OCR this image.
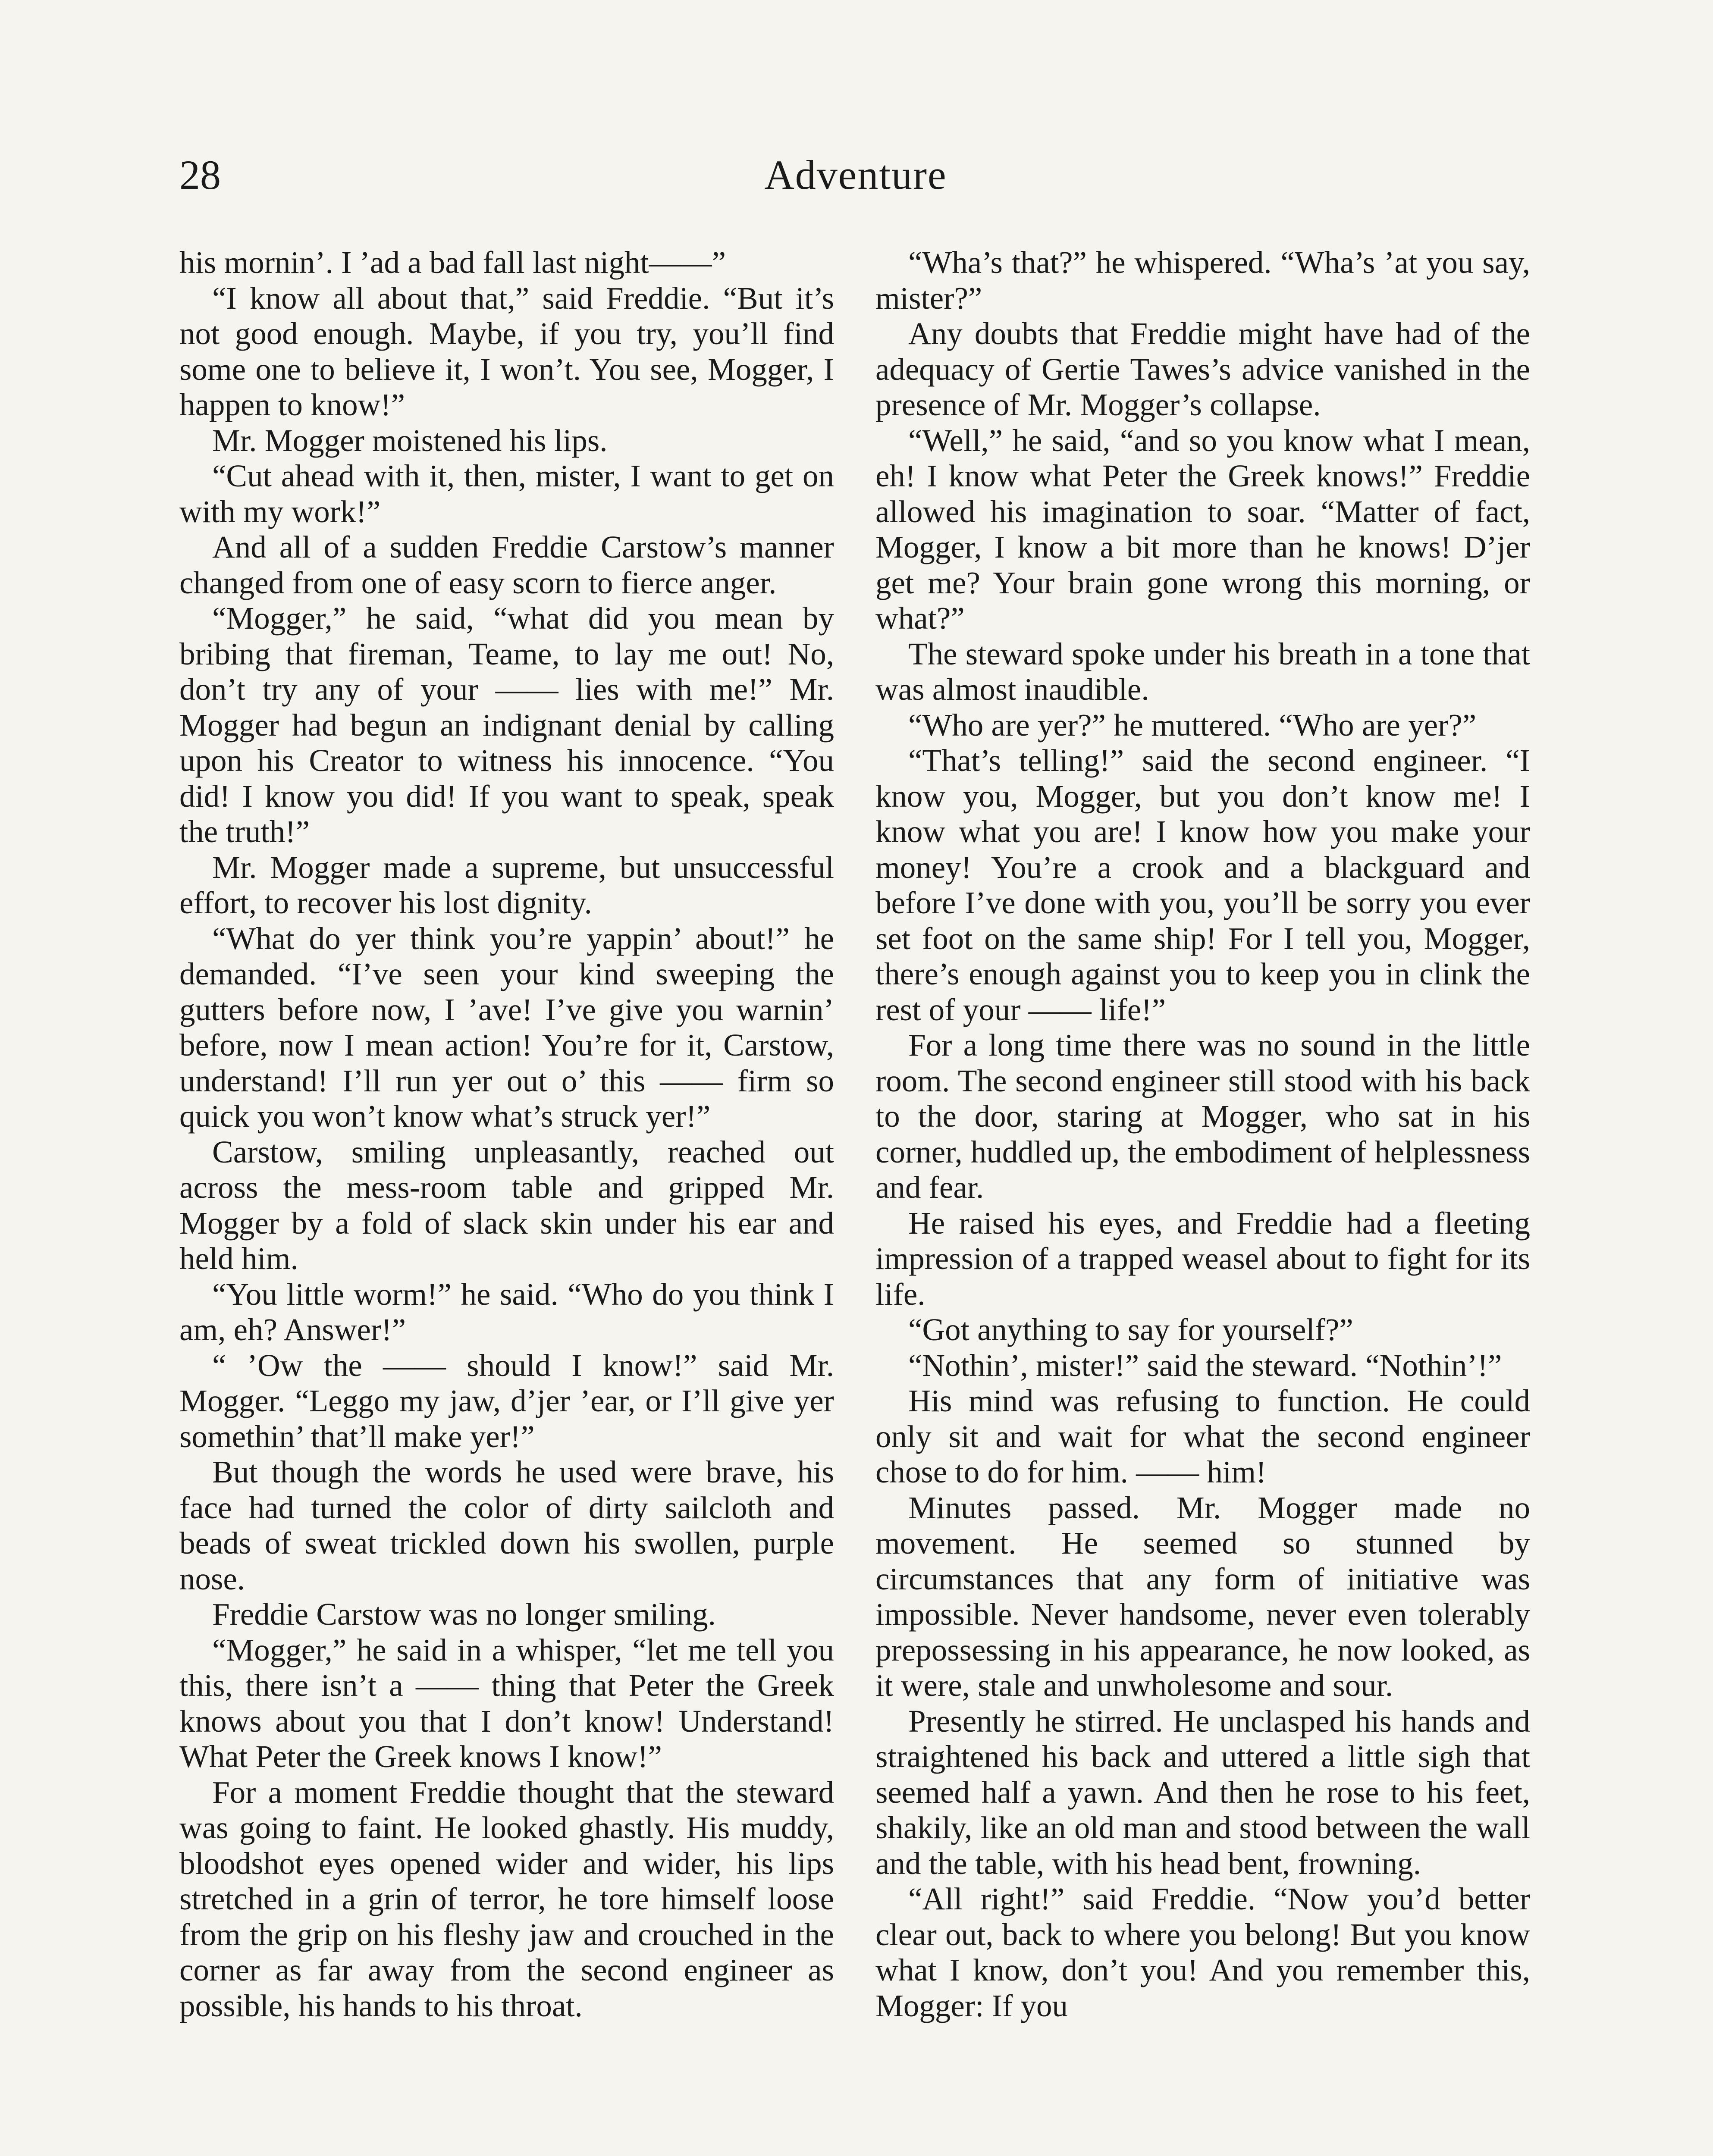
28	Adventure

his mornin’. I ’ad a bad fall last night——”

“I know all about that,” said Freddie. “But it’s not good enough. Maybe, if you try, you’ll find some one to believe it, I won’t. You see, Mogger, I happen to know!”

Mr. Mogger moistened his lips.

“Cut ahead with it, then, mister, I want to get on with my work!”

And all of a sudden Freddie Carstow’s manner changed from one of easy scorn to fierce anger.

“Mogger,” he said, “what did you mean by bribing that fireman, Teame, to lay me out! No, don’t try any of your —— lies with me!” Mr. Mogger had begun an indignant denial by calling upon his Creator to witness his innocence. “You did! I know you did! If you want to speak, speak the truth!”

Mr. Mogger made a supreme, but unsuccessful effort, to recover his lost dignity.

“What do yer think you’re yappin’ about!” he demanded. “I’ve seen your kind sweeping the gutters before now, I ’ave! I’ve give you warnin’ before, now I mean action! You’re for it, Carstow, understand! I’ll run yer out o’ this —— firm so quick you won’t know what’s struck yer!”

Carstow, smiling unpleasantly, reached out across the mess-room table and gripped Mr. Mogger by a fold of slack skin under his ear and held him.

“You little worm!” he said. “Who do you think I am, eh? Answer!”

“ ’Ow the —— should I know!” said Mr. Mogger. “Leggo my jaw, d’jer ’ear, or I’ll give yer somethin’ that’ll make yer!”

But though the words he used were brave, his face had turned the color of dirty sailcloth and beads of sweat trickled down his swollen, purple nose.

Freddie Carstow was no longer smiling.

“Mogger,” he said in a whisper, “let me tell you this, there isn’t a —— thing that Peter the Greek knows about you that I don’t know! Understand! What Peter the Greek knows I know!”

For a moment Freddie thought that the steward was going to faint. He looked ghastly. His muddy, bloodshot eyes opened wider and wider, his lips stretched in a grin of terror, he tore himself loose from the grip on his fleshy jaw and crouched in the corner as far away from the second engineer as possible, his hands to his throat.

“Wha’s that?” he whispered. “Wha’s ’at you say, mister?”

Any doubts that Freddie might have had of the adequacy of Gertie Tawes’s advice vanished in the presence of Mr. Mogger’s collapse.

“Well,” he said, “and so you know what I mean, eh! I know what Peter the Greek knows!” Freddie allowed his imagination to soar. “Matter of fact, Mogger, I know a bit more than he knows! D’jer get me? Your brain gone wrong this morning, or what?”

The steward spoke under his breath in a tone that was almost inaudible.

“Who are yer?” he muttered. “Who are yer?”

“That’s telling!” said the second engineer. “I know you, Mogger, but you don’t know me! I know what you are! I know how you make your money! You’re a crook and a blackguard and before I’ve done with you, you’ll be sorry you ever set foot on the same ship! For I tell you, Mogger, there’s enough against you to keep you in clink the rest of your —— life!”

For a long time there was no sound in the little room. The second engineer still stood with his back to the door, staring at Mogger, who sat in his corner, huddled up, the embodiment of helplessness and fear.

He raised his eyes, and Freddie had a fleeting impression of a trapped weasel about to fight for its life.

“Got anything to say for yourself?”

“Nothin’, mister!” said the steward. “Nothin’!”

His mind was refusing to function. He could only sit and wait for what the second engineer chose to do for him. —— him!

Minutes passed. Mr. Mogger made no movement. He seemed so stunned by circumstances that any form of initiative was impossible. Never handsome, never even tolerably prepossessing in his appearance, he now looked, as it were, stale and unwholesome and sour.

Presently he stirred. He unclasped his hands and straightened his back and uttered a little sigh that seemed half a yawn. And then he rose to his feet, shakily, like an old man and stood between the wall and the table, with his head bent, frowning.

“All right!” said Freddie. “Now you’d better clear out, back to where you belong! But you know what I know, don’t you! And you remember this, Mogger: If you
